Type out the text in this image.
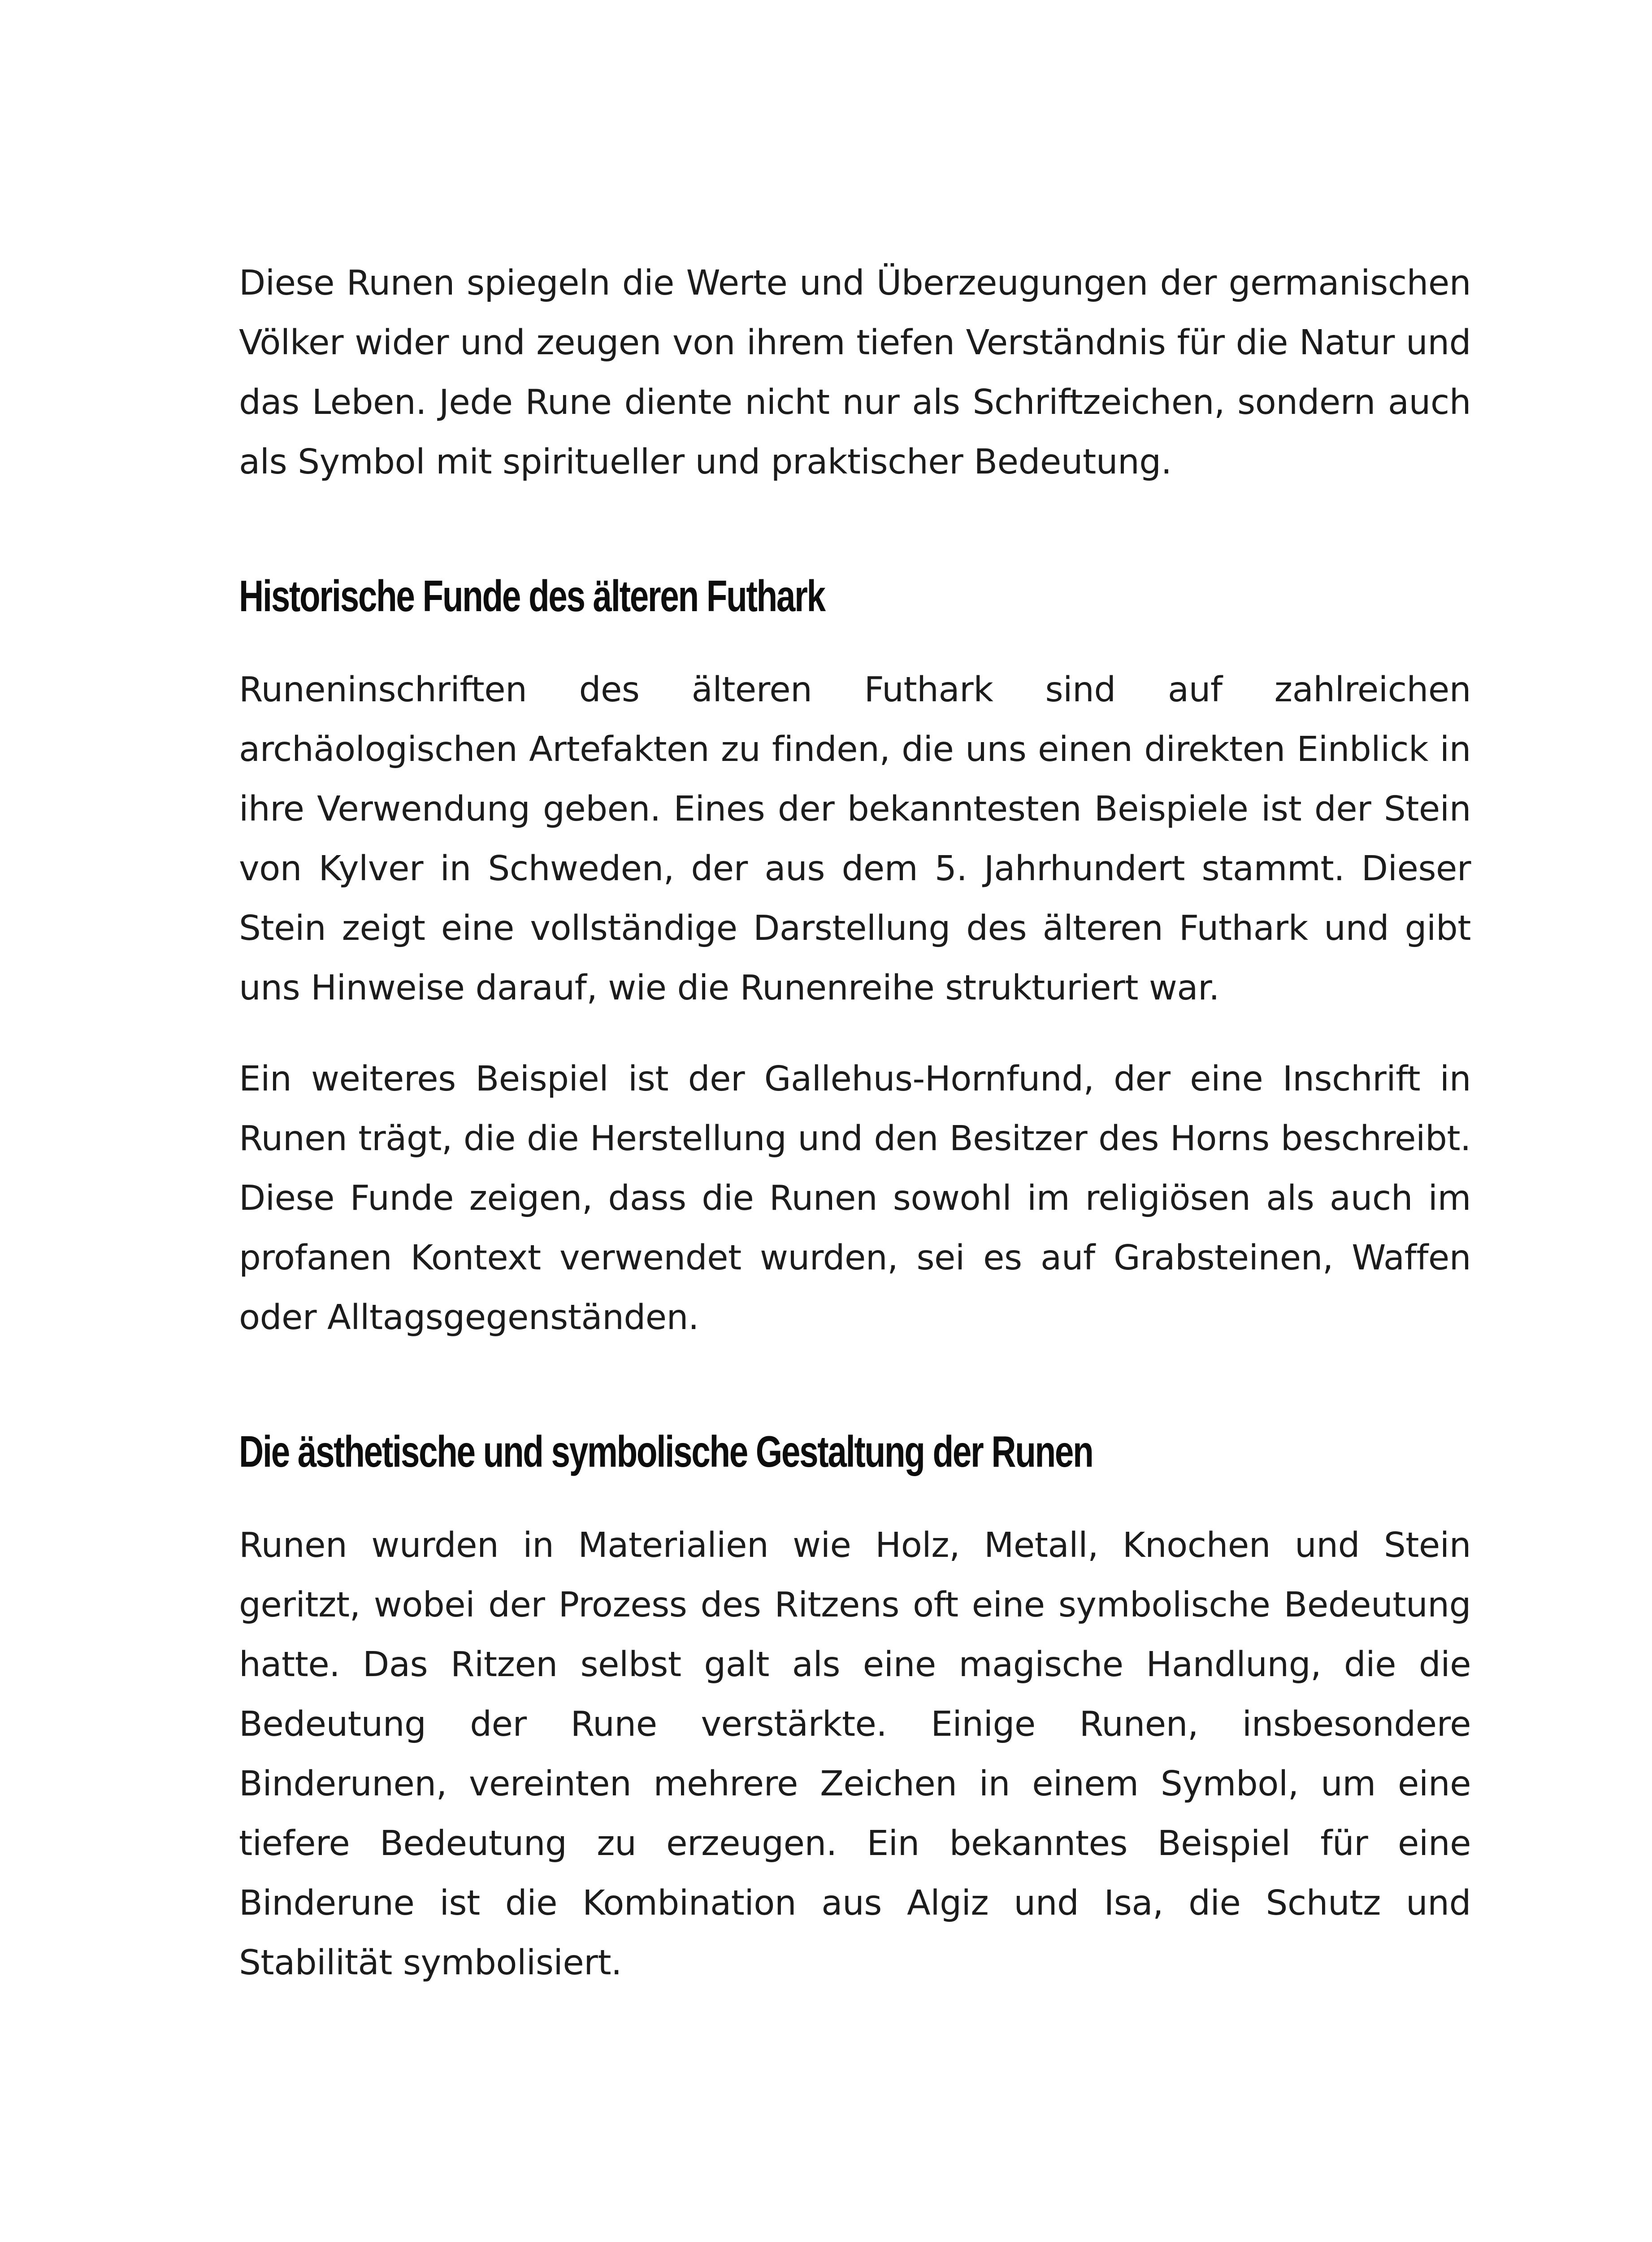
Diese Runen spiegeln die Werte und Überzeugungen der germanischen Völker wider und zeugen von ihrem tiefen Verständnis für die Natur und das Leben. Jede Rune diente nicht nur als Schriftzeichen, sondern auch als Symbol mit spiritueller und praktischer Bedeutung.

Historische Funde des älteren Futhark

Runeninschriften des älteren Futhark sind auf zahlreichen archäologischen Artefakten zu finden, die uns einen direkten Einblick in ihre Verwendung geben. Eines der bekanntesten Beispiele ist der Stein von Kylver in Schweden, der aus dem 5. Jahrhundert stammt. Dieser Stein zeigt eine vollständige Darstellung des älteren Futhark und gibt uns Hinweise darauf, wie die Runenreihe strukturiert war.

Ein weiteres Beispiel ist der Gallehus-Hornfund, der eine Inschrift in Runen trägt, die die Herstellung und den Besitzer des Horns beschreibt. Diese Funde zeigen, dass die Runen sowohl im religiösen als auch im profanen Kontext verwendet wurden, sei es auf Grabsteinen, Waffen oder Alltagsgegenständen.

Die ästhetische und symbolische Gestaltung der Runen

Runen wurden in Materialien wie Holz, Metall, Knochen und Stein geritzt, wobei der Prozess des Ritzens oft eine symbolische Bedeutung hatte. Das Ritzen selbst galt als eine magische Handlung, die die Bedeutung der Rune verstärkte. Einige Runen, insbesondere Binderunen, vereinten mehrere Zeichen in einem Symbol, um eine tiefere Bedeutung zu erzeugen. Ein bekanntes Beispiel für eine Binderune ist die Kombination aus Algiz und Isa, die Schutz und Stabilität symbolisiert.
